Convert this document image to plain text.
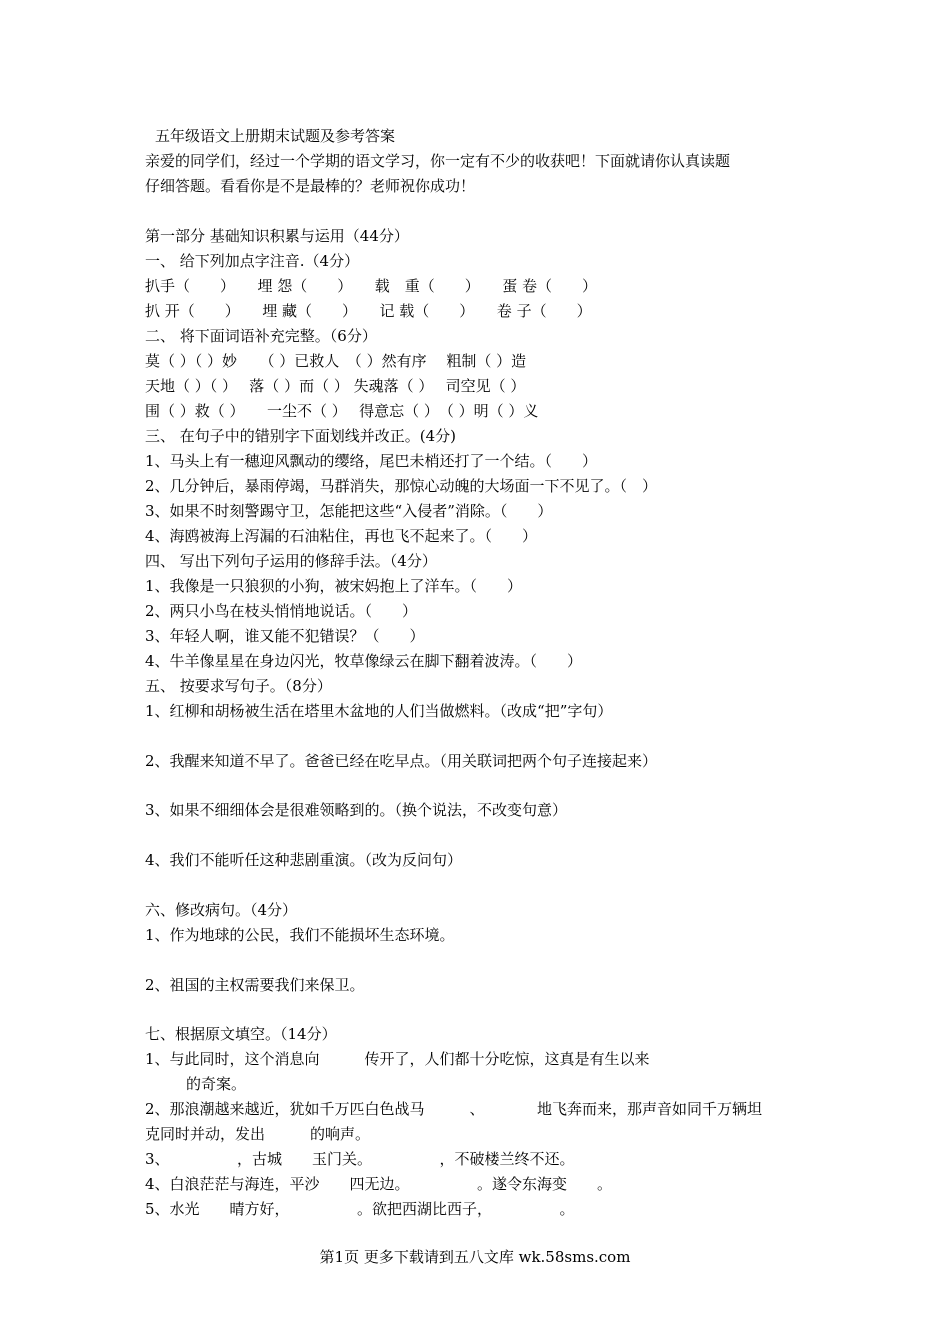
五年级语文上册期末试题及参考答案
亲爱的同学们，经过一个学期的语文学习，你一定有不少的收获吧！下面就请你认真读题
仔细答题。看看你是不是最棒的？老师祝你成功！
第一部分 基础知识积累与运用（44分）
一、 给下列加点字注音.（4分）
扒手（　　）　　埋 怨（　　）　　载　重（　　）　　蛋 卷（　　）
扒 开（　　）　　埋 藏（　　）　　记 载（　　）　　卷 子（　　）
二、 将下面词语补充完整。（6分）
莫（ ）（ ）妙　　（ ）已救人　（ ）然有序　 粗制（ ）造
天地（ ）（ ）　 落（ ）而（ ） 失魂落（ ）　 司空见（ ）
围（ ）救（ ）　　一尘不（ ）　 得意忘（ ）　（ ）明（ ）义
三、 在句子中的错别字下面划线并改正。(4分)
1、马头上有一穗迎风飘动的缨络，尾巴未梢还打了一个结。（　　）
2、几分钟后，暴雨停竭，马群消失，那惊心动魄的大场面一下不见了。（　）
3、如果不时刻警踢守卫，怎能把这些“入侵者”消除。（　　）
4、海鸥被海上泻漏的石油粘住，再也飞不起来了。（　　）
四、 写出下列句子运用的修辞手法。（4分）
1、我像是一只狼狈的小狗，被宋妈抱上了洋车。（　　）
2、两只小鸟在枝头悄悄地说话。（　　）
3、年轻人啊，谁又能不犯错误？（　　）
4、牛羊像星星在身边闪光，牧草像绿云在脚下翻着波涛。（　　）
五、 按要求写句子。（8分）
1、红柳和胡杨被生活在塔里木盆地的人们当做燃料。（改成“把”字句）
2、我醒来知道不早了。爸爸已经在吃早点。（用关联词把两个句子连接起来）
3、如果不细细体会是很难领略到的。（换个说法，不改变句意）
4、我们不能听任这种悲剧重演。（改为反问句）
六、修改病句。（4分）
1、作为地球的公民，我们不能损坏生态环境。
2、祖国的主权需要我们来保卫。
七、根据原文填空。（14分）
1、与此同时，这个消息向　　　传开了，人们都十分吃惊，这真是有生以来
的奇案。
2、那浪潮越来越近，犹如千万匹白色战马　　　、　　　　地飞奔而来，那声音如同千万辆坦
克同时并动，发出　　　的响声。
3、　　　　　，古城　　玉门关。　　　　　，不破楼兰终不还。
4、白浪茫茫与海连，平沙　　四无边。　　　　　。遂令东海变　　。
5、水光　　晴方好，　　　　　。欲把西湖比西子，　　　　　。
第1页 更多下载请到五八文库 wk.58sms.com
